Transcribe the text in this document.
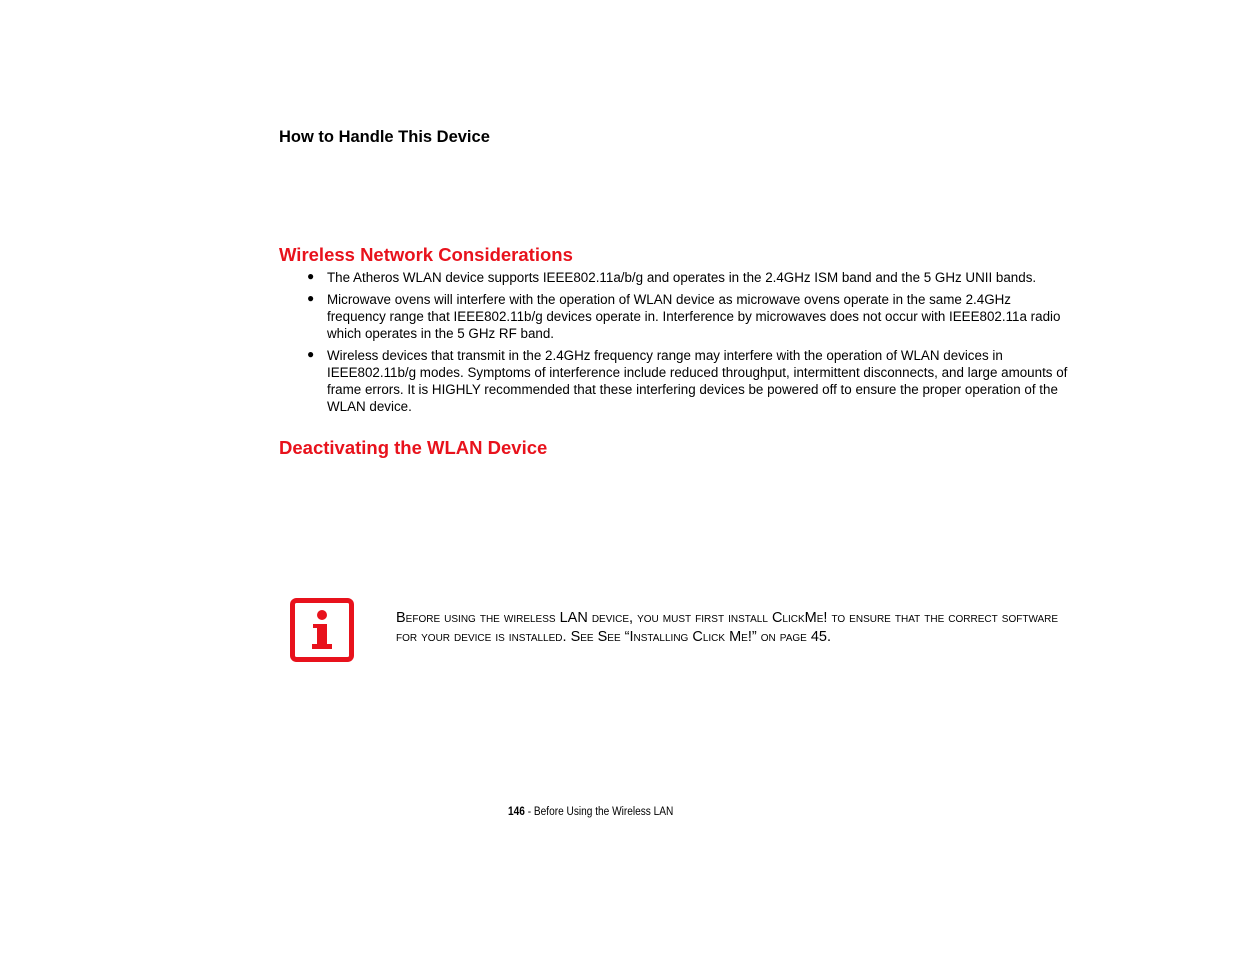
How to Handle This Device
Wireless Network Considerations
● The Atheros WLAN device supports IEEE802.11a/b/g and operates in the 2.4GHz ISM band and the 5 GHz UNII bands.
● Microwave ovens will interfere with the operation of WLAN device as microwave ovens operate in the same 2.4GHz frequency range that IEEE802.11b/g devices operate in. Interference by microwaves does not occur with IEEE802.11a radio which operates in the 5 GHz RF band.
● Wireless devices that transmit in the 2.4GHz frequency range may interfere with the operation of WLAN devices in IEEE802.11b/g modes. Symptoms of interference include reduced throughput, intermittent disconnects, and large amounts of frame errors. It is HIGHLY recommended that these interfering devices be powered off to ensure the proper operation of the WLAN device.
Deactivating the WLAN Device

Before using the wireless LAN device, you must first install ClickMe! to ensure that the correct software for your device is installed. See See “Installing Click Me!” on page 45.

146 - Before Using the Wireless LAN
